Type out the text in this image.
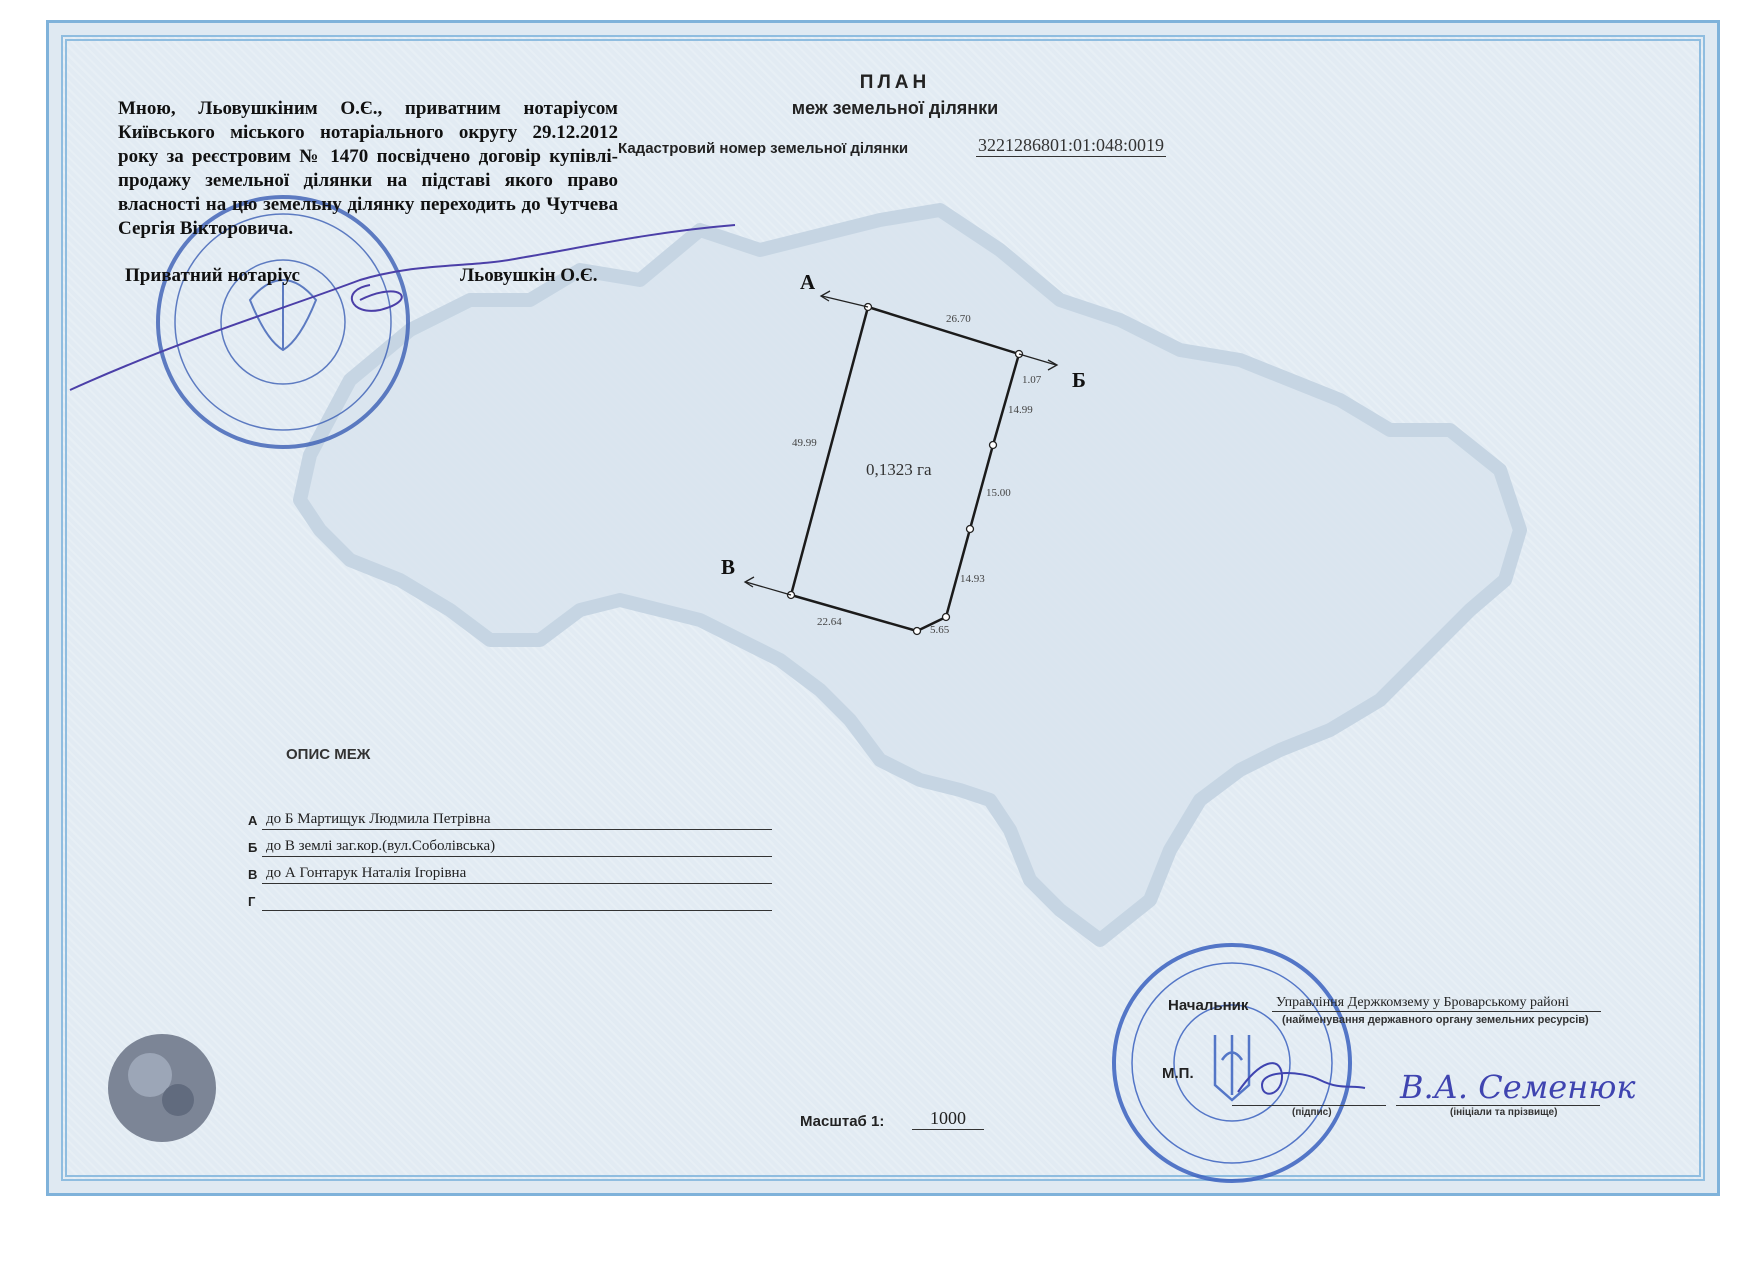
А
Б
В
26.70
1.07
14.99
15.00
14.93
5.65
22.64
49.99
0,1323 га
Мною, Льовушкіним О.Є., приватним нотаріусом Київського міського нотаріального округу 29.12.2012 року за реєстровим № 1470 посвідчено договір купівлі-продажу земельної ділянки на підставі якого право власності на цю земельну ділянку переходить до Чутчева Сергія Вікторовича.
Приватний нотаріус	Льовушкін О.Є.
ПЛАН
меж земельної ділянки
Кадастровий номер земельної ділянки	3221286801:01:048:0019
ОПИС МЕЖ
А до Б Мартищук Людмила Петрівна
Б до В землі заг.кор.(вул.Соболівська)
В до А Гонтарук Наталія Ігорівна
Г
Начальник Управління Держкомзему у Броварському районі
(найменування державного органу земельних ресурсів)
М.П.
(підпис)	(ініціали та прізвище)
В.А. Семенюк
Масштаб 1:	1000
